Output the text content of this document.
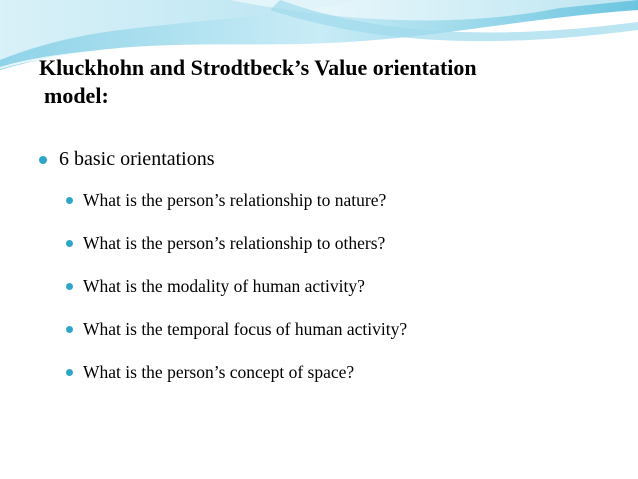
Kluckhohn and Strodtbeck’s Value orientation
model:
6 basic orientations
What is the person’s relationship to nature?
What is the person’s relationship to others?
What is the modality of human activity?
What is the temporal focus of human activity?
What is the person’s concept of space?
